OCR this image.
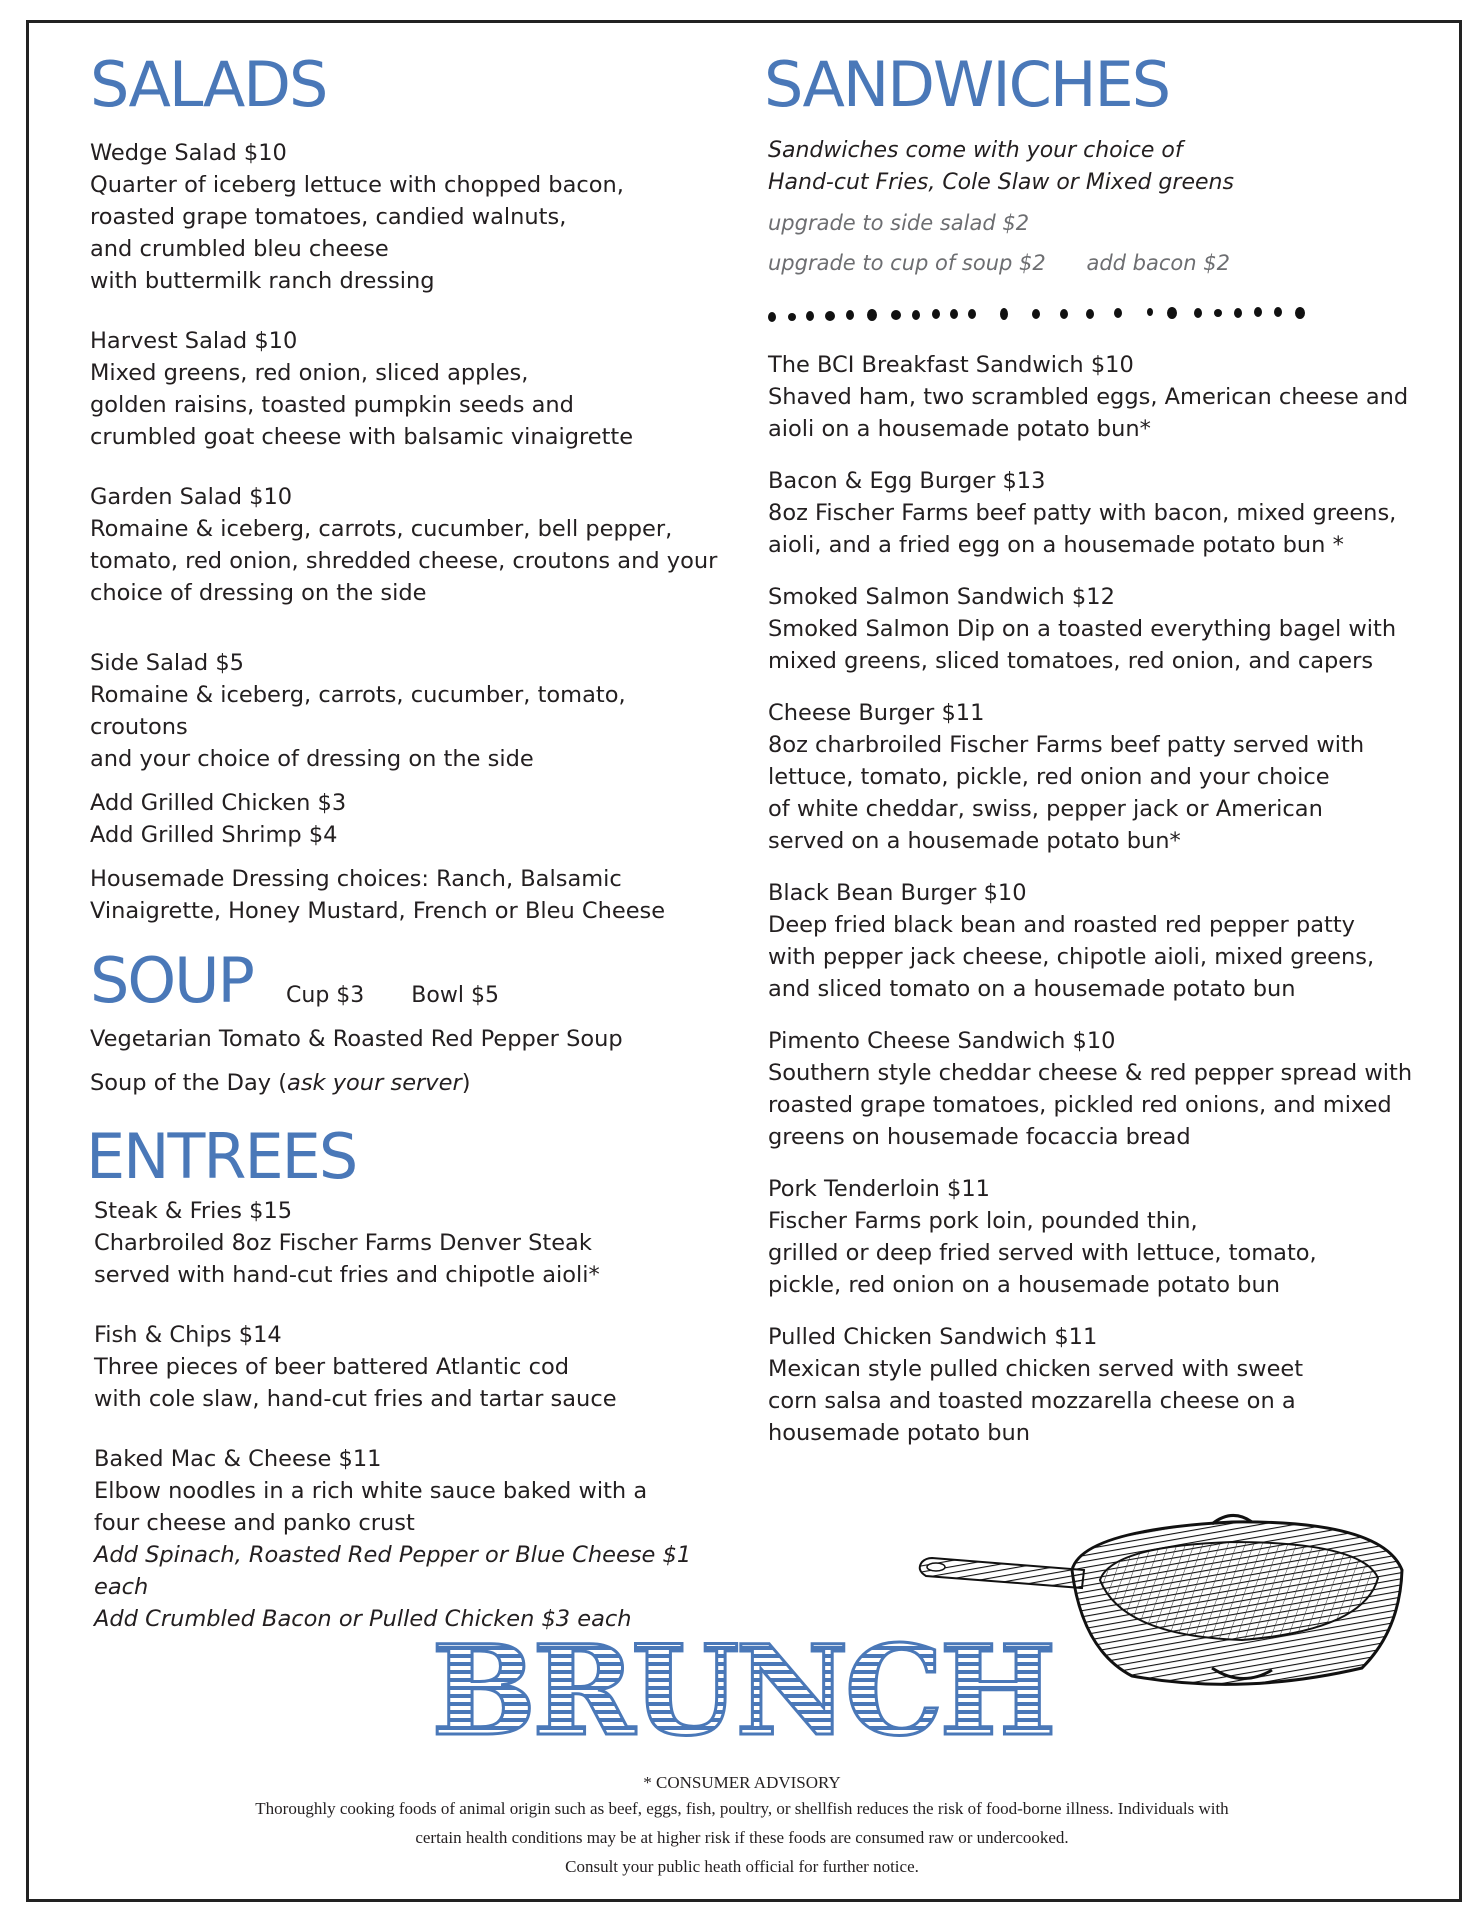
SALADS
Wedge Salad $10
Quarter of iceberg lettuce with chopped bacon,
roasted grape tomatoes, candied walnuts,
and crumbled bleu cheese
with buttermilk ranch dressing
Harvest Salad $10
Mixed greens, red onion, sliced apples,
golden raisins, toasted pumpkin seeds and
crumbled goat cheese with balsamic vinaigrette
Garden Salad $10
Romaine & iceberg, carrots, cucumber, bell pepper,
tomato, red onion, shredded cheese, croutons and your
choice of dressing on the side
Side Salad $5
Romaine & iceberg, carrots, cucumber, tomato, croutons
and your choice of dressing on the side
Add Grilled Chicken $3
Add Grilled Shrimp $4
Housemade Dressing choices: Ranch, Balsamic
Vinaigrette, Honey Mustard, French or Bleu Cheese
SOUP Cup $3 Bowl $5
Vegetarian Tomato & Roasted Red Pepper Soup
Soup of the Day (ask your server)
ENTREES
Steak & Fries $15
Charbroiled 8oz Fischer Farms Denver Steak
served with hand-cut fries and chipotle aioli*
Fish & Chips $14
Three pieces of beer battered Atlantic cod
with cole slaw, hand-cut fries and tartar sauce
Baked Mac & Cheese $11
Elbow noodles in a rich white sauce baked with a
four cheese and panko crust
Add Spinach, Roasted Red Pepper or Blue Cheese $1 each
Add Crumbled Bacon or Pulled Chicken $3 each
SANDWICHES
Sandwiches come with your choice of
Hand-cut Fries, Cole Slaw or Mixed greens
upgrade to side salad $2
upgrade to cup of soup $2 add bacon $2
The BCI Breakfast Sandwich $10
Shaved ham, two scrambled eggs, American cheese and
aioli on a housemade potato bun*
Bacon & Egg Burger $13
8oz Fischer Farms beef patty with bacon, mixed greens,
aioli, and a fried egg on a housemade potato bun *
Smoked Salmon Sandwich $12
Smoked Salmon Dip on a toasted everything bagel with
mixed greens, sliced tomatoes, red onion, and capers
Cheese Burger $11
8oz charbroiled Fischer Farms beef patty served with
lettuce, tomato, pickle, red onion and your choice
of white cheddar, swiss, pepper jack or American
served on a housemade potato bun*
Black Bean Burger $10
Deep fried black bean and roasted red pepper patty
with pepper jack cheese, chipotle aioli, mixed greens,
and sliced tomato on a housemade potato bun
Pimento Cheese Sandwich $10
Southern style cheddar cheese & red pepper spread with
roasted grape tomatoes, pickled red onions, and mixed
greens on housemade focaccia bread
Pork Tenderloin $11
Fischer Farms pork loin, pounded thin,
grilled or deep fried served with lettuce, tomato,
pickle, red onion on a housemade potato bun
Pulled Chicken Sandwich $11
Mexican style pulled chicken served with sweet
corn salsa and toasted mozzarella cheese on a
housemade potato bun
BRUNCH
* CONSUMER ADVISORY
Thoroughly cooking foods of animal origin such as beef, eggs, fish, poultry, or shellfish reduces the risk of food-borne illness. Individuals with
certain health conditions may be at higher risk if these foods are consumed raw or undercooked.
Consult your public heath official for further notice.
